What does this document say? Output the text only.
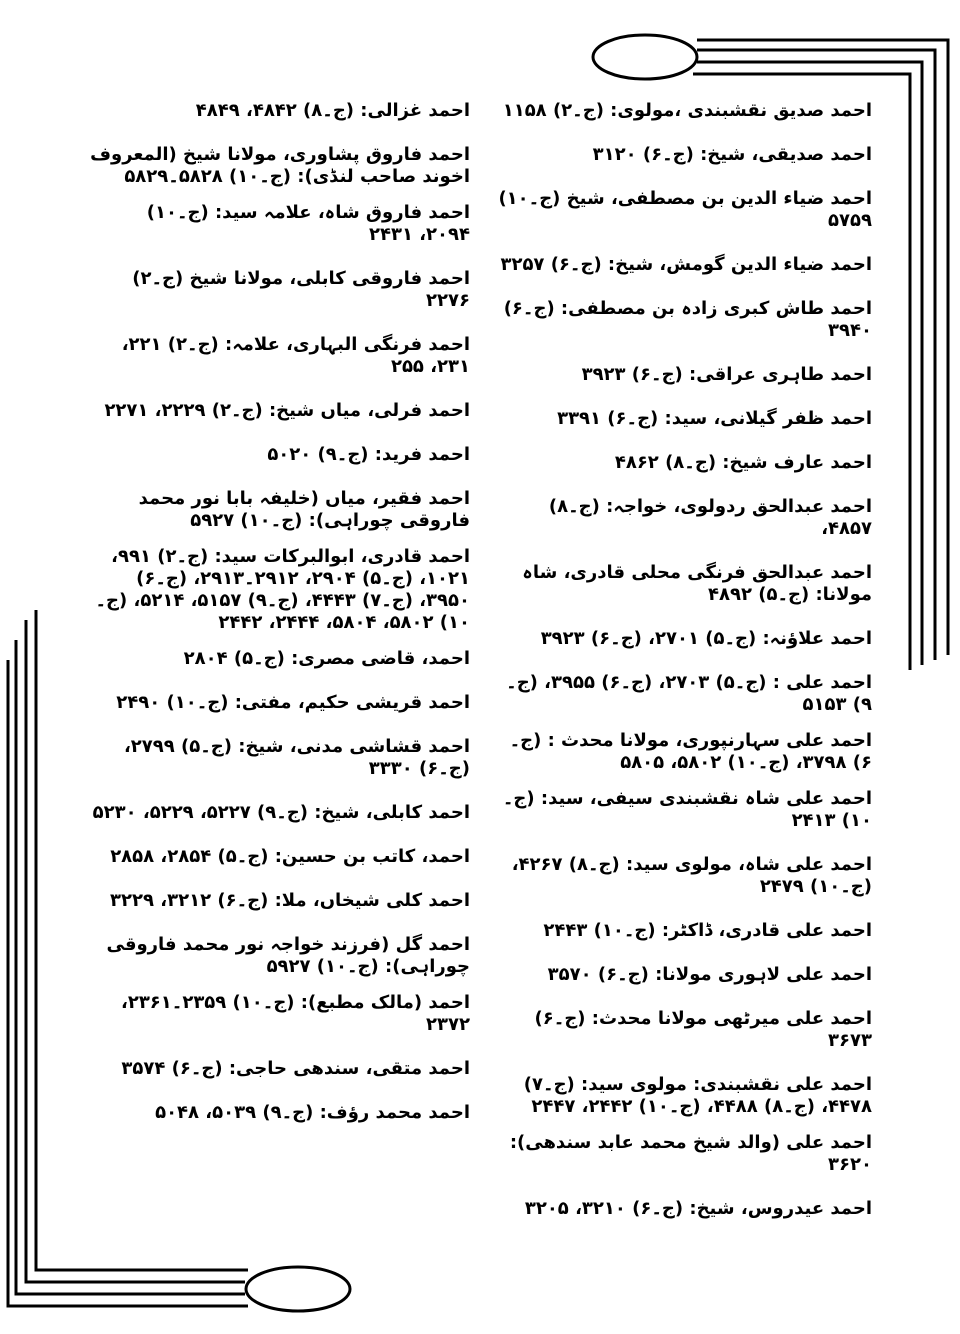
احمد صدیق نقشبندی ،مولوی: (ج۔۲) ۱۱۵۸
احمد صدیقی، شیخ: (ج۔۶) ۳۱۲۰
احمد ضیاء الدین بن مصطفی، شیخ (ج۔۱۰) ۵۷۵۹
احمد ضیاء الدین گومش، شیخ: (ج۔۶) ۳۲۵۷
احمد طاش کبری زادہ بن مصطفی: (ج۔۶) ۳۹۴۰
احمد طاہری عراقی: (ج۔۶) ۳۹۲۳
احمد ظفر گیلانی، سید: (ج۔۶) ۳۳۹۱
احمد عارف شیخ: (ج۔۸) ۴۸۶۲
احمد عبدالحق ردولوی، خواجہ: (ج۔۸) ۴۸۵۷،
احمد عبدالحق فرنگی محلی قادری، شاہ مولانا: (ج۔۵) ۴۸۹۲
احمد علاؤنہ: (ج۔۵) ۲۷۰۱، (ج۔۶) ۳۹۲۳
احمد علی : (ج۔۵) ۲۷۰۳، (ج۔۶) ۳۹۵۵، (ج۔۹) ۵۱۵۳
احمد علی سہارنپوری، مولانا محدث : (ج۔۶) ۳۷۹۸، (ج۔۱۰) ۵۸۰۲، ۵۸۰۵
احمد علی شاہ نقشبندی سیفی، سید: (ج۔۱۰) ۲۴۱۳
احمد علی شاہ، مولوی سید: (ج۔۸) ۴۲۶۷، (ج۔۱۰) ۲۴۷۹
احمد علی قادری، ڈاکٹر: (ج۔۱۰) ۲۴۴۳
احمد علی لاہوری مولانا: (ج۔۶) ۳۵۷۰
احمد علی میرٹھی مولانا محدث: (ج۔۶) ۳۶۷۳
احمد علی نقشبندی: مولوی سید: (ج۔۷) ۴۴۷۸، (ج۔۸) ۴۴۸۸، (ج۔۱۰) ۲۴۴۲، ۲۴۴۷
احمد علی (والد شیخ محمد عابد سندھی): ۳۶۲۰
احمد عیدروس، شیخ: (ج۔۶) ۳۲۱۰، ۳۲۰۵
احمد غزالی: (ج۔۸) ۴۸۴۲، ۴۸۴۹
احمد فاروق پشاوری، مولانا شیخ (المعروف اخوند صاحب لنڈی): (ج۔۱۰) ۵۸۲۸۔۵۸۲۹
احمد فاروق شاہ، علامہ سید: (ج۔۱۰) ۲۰۹۴، ۲۴۳۱
احمد فاروقی کابلی، مولانا شیخ (ج۔۲) ۲۲۷۶
احمد فرنگی البہاری، علامہ: (ج۔۲) ۲۲۱، ۲۳۱، ۲۵۵
احمد فرلی، میاں شیخ: (ج۔۲) ۲۲۲۹، ۲۲۷۱
احمد فرید: (ج۔۹) ۵۰۲۰
احمد فقیر، میاں (خلیفہ بابا نور محمد فاروقی چوراہی): (ج۔۱۰) ۵۹۲۷
احمد قادری، ابوالبرکات سید: (ج۔۲) ۹۹۱، ۱۰۲۱، (ج۔۵) ۲۹۰۴، ۲۹۱۲۔۲۹۱۳، (ج۔۶) ۳۹۵۰، (ج۔۷) ۴۴۴۳، (ج۔۹) ۵۱۵۷، ۵۲۱۴، (ج۔۱۰) ۵۸۰۲، ۵۸۰۴، ۲۴۴۴، ۲۴۴۲
احمد، قاضی مصری: (ج۔۵) ۲۸۰۴
احمد قریشی حکیم، مفتی: (ج۔۱۰) ۲۴۹۰
احمد قشاشی مدنی، شیخ: (ج۔۵) ۲۷۹۹، (ج۔۶) ۳۳۳۰
احمد کابلی، شیخ: (ج۔۹) ۵۲۲۷، ۵۲۲۹، ۵۲۳۰
احمد، کاتب بن حسین: (ج۔۵) ۲۸۵۴، ۲۸۵۸
احمد کلی شیخاں، ملا: (ج۔۶) ۳۲۱۲، ۳۲۲۹
احمد گل (فرزند خواجہ نور محمد فاروقی چوراہی): (ج۔۱۰) ۵۹۲۷
احمد (مالک مطبع): (ج۔۱۰) ۲۳۵۹۔۲۳۶۱، ۲۳۷۲
احمد متقی، سندھی حاجی: (ج۔۶) ۳۵۷۴
احمد محمد رؤف: (ج۔۹) ۵۰۳۹، ۵۰۴۸
